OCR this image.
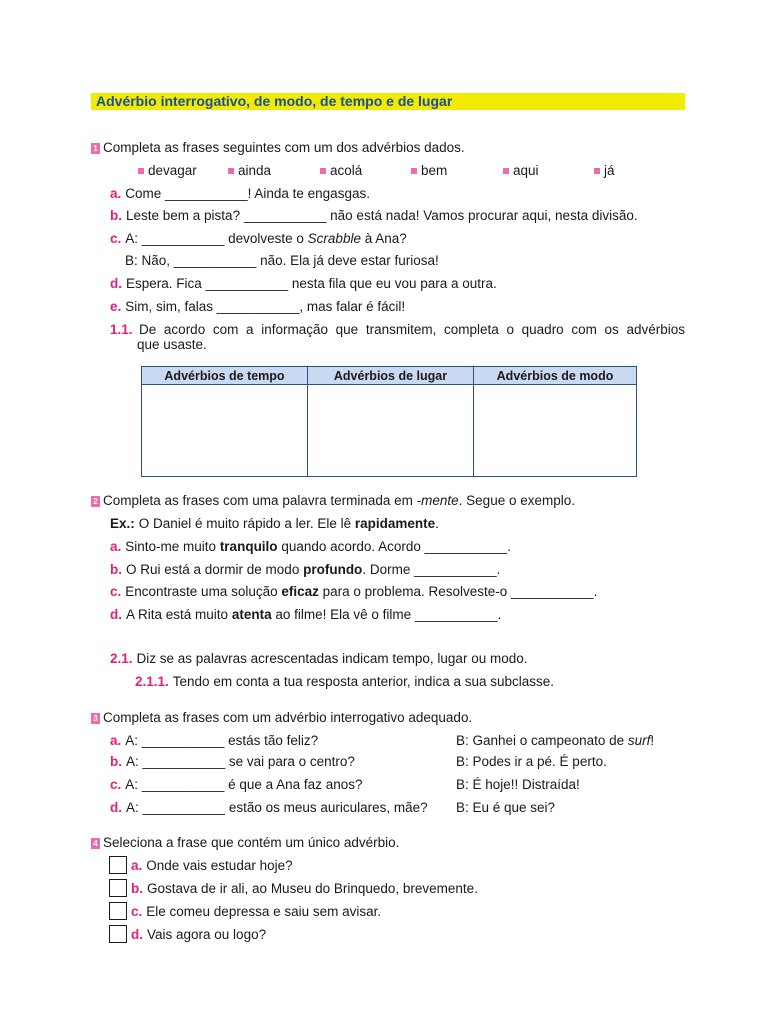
Advérbio interrogativo, de modo, de tempo e de lugar
1 Completa as frases seguintes com um dos advérbios dados.
devagar	ainda	acolá	bem	aqui	já
a. Come ___________! Ainda te engasgas.
b. Leste bem a pista? ___________ não está nada! Vamos procurar aqui, nesta divisão.
c. A: ___________ devolveste o Scrabble à Ana?
B: Não, ___________ não. Ela já deve estar furiosa!
d. Espera. Fica ___________ nesta fila que eu vou para a outra.
e. Sim, sim, falas ___________, mas falar é fácil!
1.1. De acordo com a informação que transmitem, completa o quadro com os advérbios
que usaste.
Advérbios de tempo	Advérbios de lugar	Advérbios de modo

2 Completa as frases com uma palavra terminada em -mente. Segue o exemplo.
Ex.: O Daniel é muito rápido a ler. Ele lê rapidamente.
a. Sinto-me muito tranquilo quando acordo. Acordo ___________.
b. O Rui está a dormir de modo profundo. Dorme ___________.
c. Encontraste uma solução eficaz para o problema. Resolveste-o ___________.
d. A Rita está muito atenta ao filme! Ela vê o filme ___________.
2.1. Diz se as palavras acrescentadas indicam tempo, lugar ou modo.
2.1.1. Tendo em conta a tua resposta anterior, indica a sua subclasse.
3 Completa as frases com um advérbio interrogativo adequado.
a. A: ___________ estás tão feliz?	B: Ganhei o campeonato de surf!
b. A: ___________ se vai para o centro?	B: Podes ir a pé. É perto.
c. A: ___________ é que a Ana faz anos?	B: É hoje!! Distraída!
d. A: ___________ estão os meus auriculares, mãe? B: Eu é que sei?
4 Seleciona a frase que contém um único advérbio.
a. Onde vais estudar hoje?
b. Gostava de ir ali, ao Museu do Brinquedo, brevemente.
c. Ele comeu depressa e saiu sem avisar.
d. Vais agora ou logo?
